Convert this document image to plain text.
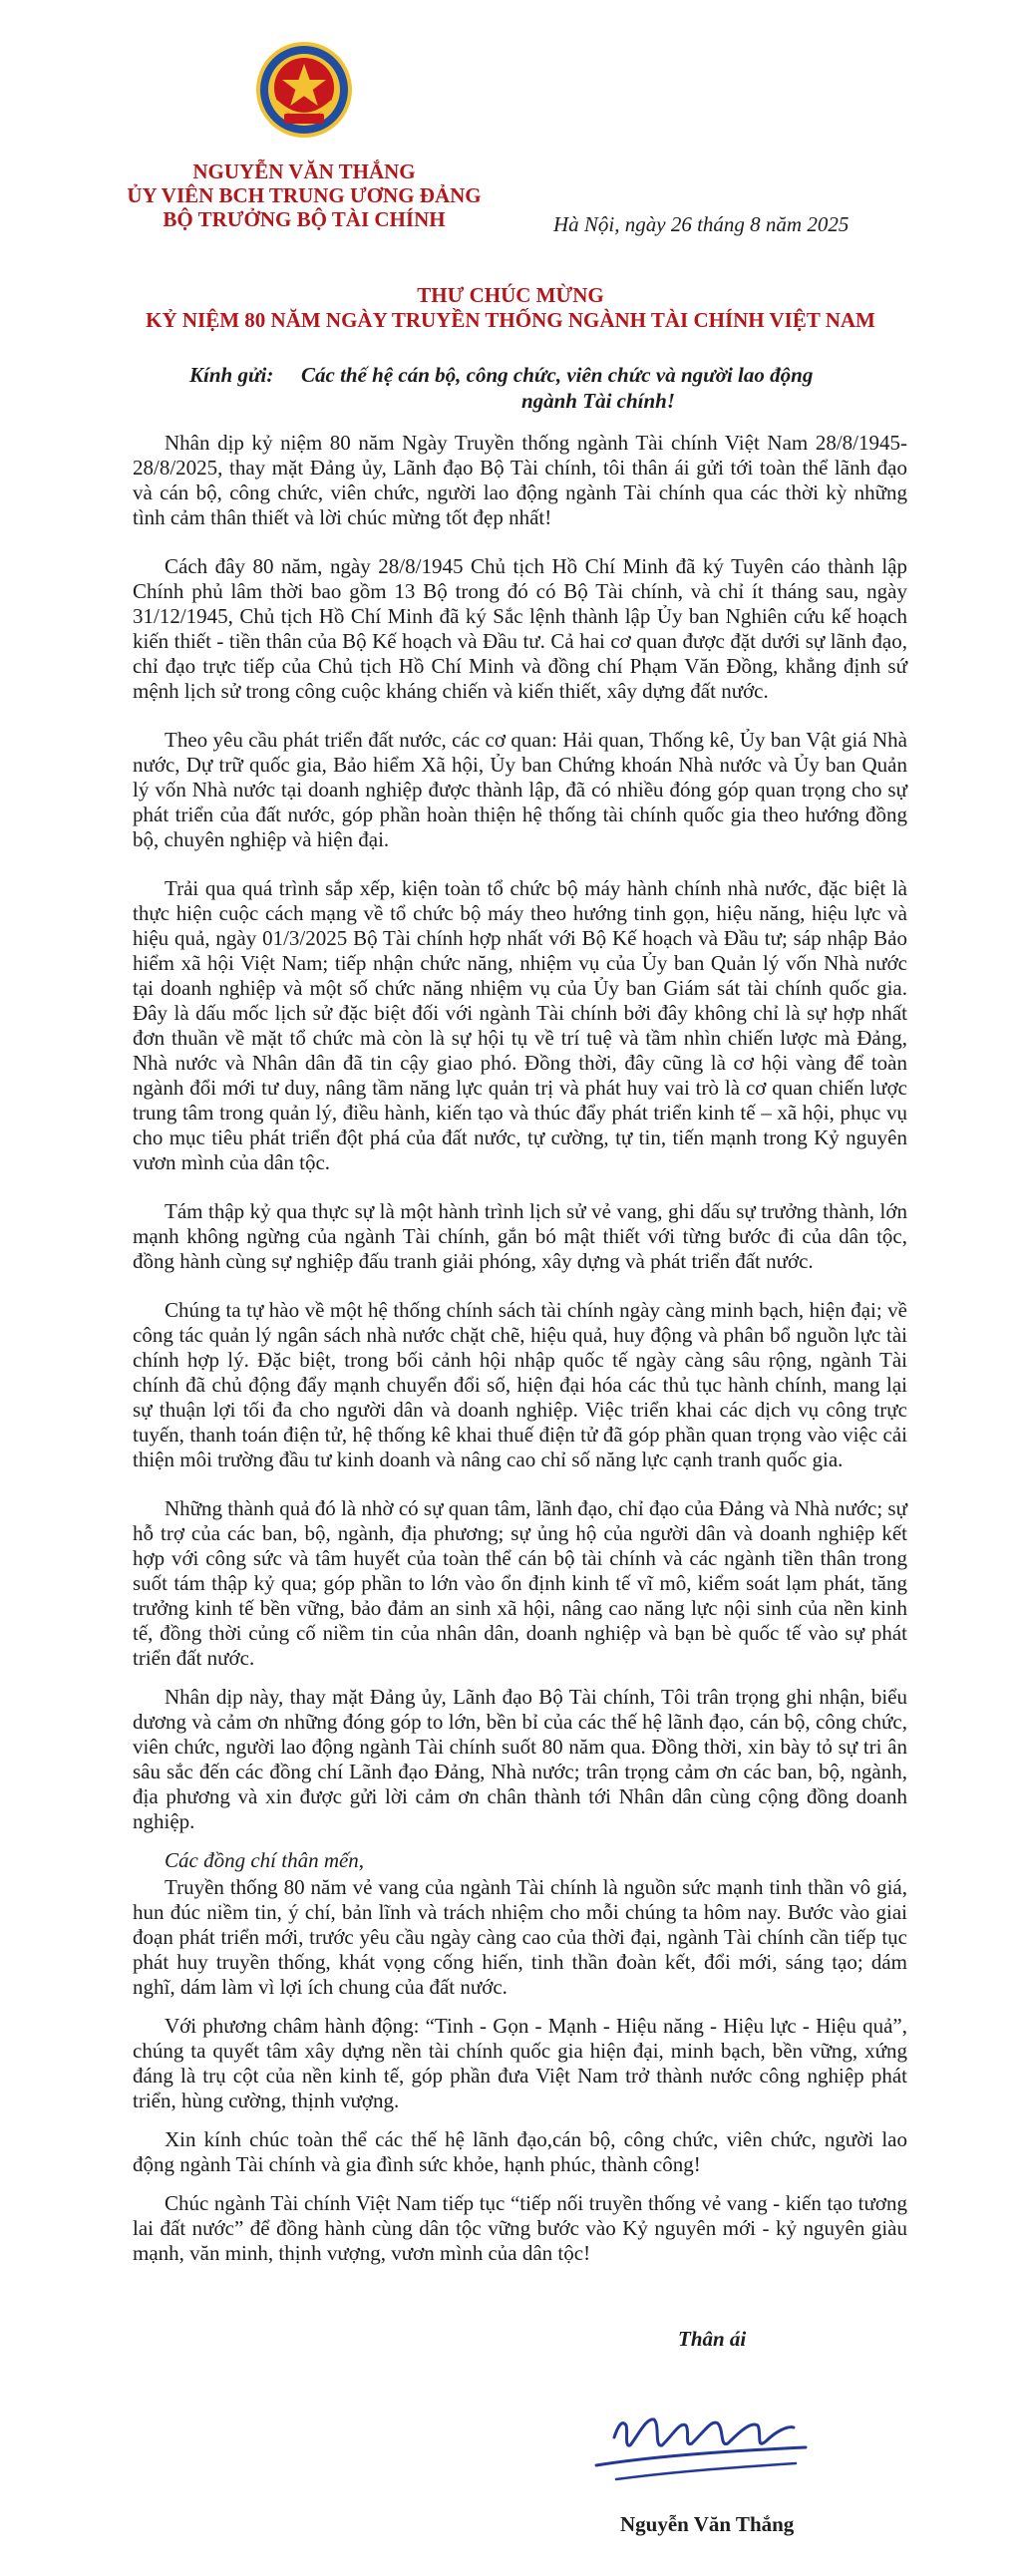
NGUYỄN VĂN THẮNG
ỦY VIÊN BCH TRUNG ƯƠNG ĐẢNG
BỘ TRƯỞNG BỘ TÀI CHÍNH	Hà Nội, ngày 26 tháng 8 năm 2025
THƯ CHÚC MỪNG
KỶ NIỆM 80 NĂM NGÀY TRUYỀN THỐNG NGÀNH TÀI CHÍNH VIỆT NAM
Kính gửi: Các thế hệ cán bộ, công chức, viên chức và người lao động
ngành Tài chính!

Nhân dịp kỷ niệm 80 năm Ngày Truyền thống ngành Tài chính Việt Nam 28/8/1945-28/8/2025, thay mặt Đảng ủy, Lãnh đạo Bộ Tài chính, tôi thân ái gửi tới toàn thể lãnh đạo và cán bộ, công chức, viên chức, người lao động ngành Tài chính qua các thời kỳ những tình cảm thân thiết và lời chúc mừng tốt đẹp nhất!

Cách đây 80 năm, ngày 28/8/1945 Chủ tịch Hồ Chí Minh đã ký Tuyên cáo thành lập Chính phủ lâm thời bao gồm 13 Bộ trong đó có Bộ Tài chính, và chỉ ít tháng sau, ngày 31/12/1945, Chủ tịch Hồ Chí Minh đã ký Sắc lệnh thành lập Ủy ban Nghiên cứu kế hoạch kiến thiết - tiền thân của Bộ Kế hoạch và Đầu tư. Cả hai cơ quan được đặt dưới sự lãnh đạo, chỉ đạo trực tiếp của Chủ tịch Hồ Chí Minh và đồng chí Phạm Văn Đồng, khẳng định sứ mệnh lịch sử trong công cuộc kháng chiến và kiến thiết, xây dựng đất nước.

Theo yêu cầu phát triển đất nước, các cơ quan: Hải quan, Thống kê, Ủy ban Vật giá Nhà nước, Dự trữ quốc gia, Bảo hiểm Xã hội, Ủy ban Chứng khoán Nhà nước và Ủy ban Quản lý vốn Nhà nước tại doanh nghiệp được thành lập, đã có nhiều đóng góp quan trọng cho sự phát triển của đất nước, góp phần hoàn thiện hệ thống tài chính quốc gia theo hướng đồng bộ, chuyên nghiệp và hiện đại.

Trải qua quá trình sắp xếp, kiện toàn tổ chức bộ máy hành chính nhà nước, đặc biệt là thực hiện cuộc cách mạng về tổ chức bộ máy theo hướng tinh gọn, hiệu năng, hiệu lực và hiệu quả, ngày 01/3/2025 Bộ Tài chính hợp nhất với Bộ Kế hoạch và Đầu tư; sáp nhập Bảo hiểm xã hội Việt Nam; tiếp nhận chức năng, nhiệm vụ của Ủy ban Quản lý vốn Nhà nước tại doanh nghiệp và một số chức năng nhiệm vụ của Ủy ban Giám sát tài chính quốc gia. Đây là dấu mốc lịch sử đặc biệt đối với ngành Tài chính bởi đây không chỉ là sự hợp nhất đơn thuần về mặt tổ chức mà còn là sự hội tụ về trí tuệ và tầm nhìn chiến lược mà Đảng, Nhà nước và Nhân dân đã tin cậy giao phó. Đồng thời, đây cũng là cơ hội vàng để toàn ngành đổi mới tư duy, nâng tầm năng lực quản trị và phát huy vai trò là cơ quan chiến lược trung tâm trong quản lý, điều hành, kiến tạo và thúc đẩy phát triển kinh tế – xã hội, phục vụ cho mục tiêu phát triển đột phá của đất nước, tự cường, tự tin, tiến mạnh trong Kỷ nguyên vươn mình của dân tộc.

Tám thập kỷ qua thực sự là một hành trình lịch sử vẻ vang, ghi dấu sự trưởng thành, lớn mạnh không ngừng của ngành Tài chính, gắn bó mật thiết với từng bước đi của dân tộc, đồng hành cùng sự nghiệp đấu tranh giải phóng, xây dựng và phát triển đất nước.

Chúng ta tự hào về một hệ thống chính sách tài chính ngày càng minh bạch, hiện đại; về công tác quản lý ngân sách nhà nước chặt chẽ, hiệu quả, huy động và phân bổ nguồn lực tài chính hợp lý. Đặc biệt, trong bối cảnh hội nhập quốc tế ngày càng sâu rộng, ngành Tài chính đã chủ động đẩy mạnh chuyển đổi số, hiện đại hóa các thủ tục hành chính, mang lại sự thuận lợi tối đa cho người dân và doanh nghiệp. Việc triển khai các dịch vụ công trực tuyến, thanh toán điện tử, hệ thống kê khai thuế điện tử đã góp phần quan trọng vào việc cải thiện môi trường đầu tư kinh doanh và nâng cao chỉ số năng lực cạnh tranh quốc gia.

Những thành quả đó là nhờ có sự quan tâm, lãnh đạo, chỉ đạo của Đảng và Nhà nước; sự hỗ trợ của các ban, bộ, ngành, địa phương; sự ủng hộ của người dân và doanh nghiệp kết hợp với công sức và tâm huyết của toàn thể cán bộ tài chính và các ngành tiền thân trong suốt tám thập kỷ qua; góp phần to lớn vào ổn định kinh tế vĩ mô, kiểm soát lạm phát, tăng trưởng kinh tế bền vững, bảo đảm an sinh xã hội, nâng cao năng lực nội sinh của nền kinh tế, đồng thời củng cố niềm tin của nhân dân, doanh nghiệp và bạn bè quốc tế vào sự phát triển đất nước.

Nhân dịp này, thay mặt Đảng ủy, Lãnh đạo Bộ Tài chính, Tôi trân trọng ghi nhận, biểu dương và cảm ơn những đóng góp to lớn, bền bỉ của các thế hệ lãnh đạo, cán bộ, công chức, viên chức, người lao động ngành Tài chính suốt 80 năm qua. Đồng thời, xin bày tỏ sự tri ân sâu sắc đến các đồng chí Lãnh đạo Đảng, Nhà nước; trân trọng cảm ơn các ban, bộ, ngành, địa phương và xin được gửi lời cảm ơn chân thành tới Nhân dân cùng cộng đồng doanh nghiệp.

Các đồng chí thân mến,

Truyền thống 80 năm vẻ vang của ngành Tài chính là nguồn sức mạnh tinh thần vô giá, hun đúc niềm tin, ý chí, bản lĩnh và trách nhiệm cho mỗi chúng ta hôm nay. Bước vào giai đoạn phát triển mới, trước yêu cầu ngày càng cao của thời đại, ngành Tài chính cần tiếp tục phát huy truyền thống, khát vọng cống hiến, tinh thần đoàn kết, đổi mới, sáng tạo; dám nghĩ, dám làm vì lợi ích chung của đất nước.

Với phương châm hành động: “Tinh - Gọn - Mạnh - Hiệu năng - Hiệu lực - Hiệu quả”, chúng ta quyết tâm xây dựng nền tài chính quốc gia hiện đại, minh bạch, bền vững, xứng đáng là trụ cột của nền kinh tế, góp phần đưa Việt Nam trở thành nước công nghiệp phát triển, hùng cường, thịnh vượng.

Xin kính chúc toàn thể các thế hệ lãnh đạo,cán bộ, công chức, viên chức, người lao động ngành Tài chính và gia đình sức khỏe, hạnh phúc, thành công!

Chúc ngành Tài chính Việt Nam tiếp tục “tiếp nối truyền thống vẻ vang - kiến tạo tương lai đất nước” để đồng hành cùng dân tộc vững bước vào Kỷ nguyên mới - kỷ nguyên giàu mạnh, văn minh, thịnh vượng, vươn mình của dân tộc!

Thân ái
Nguyễn Văn Thắng
